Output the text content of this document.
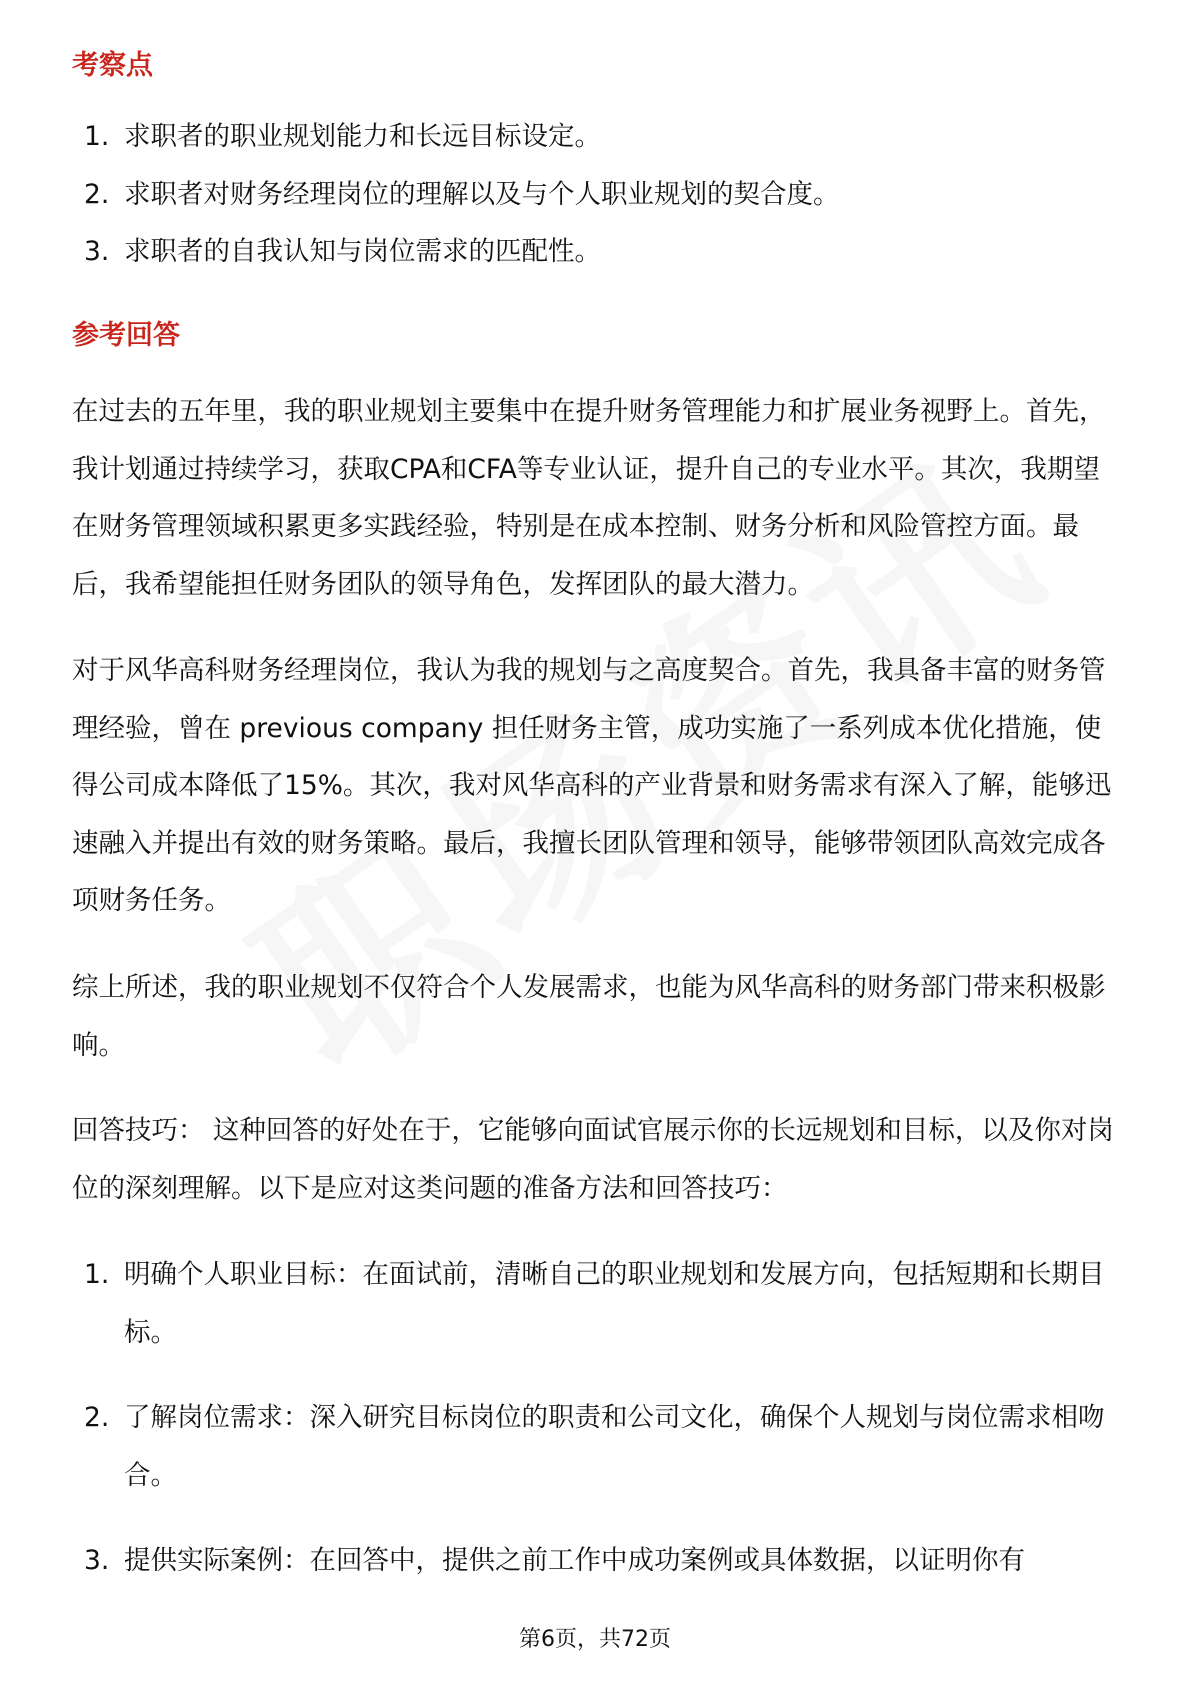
考察点
1. 求职者的职业规划能力和长远目标设定。
2. 求职者对财务经理岗位的理解以及与个人职业规划的契合度。
3. 求职者的自我认知与岗位需求的匹配性。
参考回答

在过去的五年里，我的职业规划主要集中在提升财务管理能力和扩展业务视野上。首先，我计划通过持续学习，获取CPA和CFA等专业认证，提升自己的专业水平。其次，我期望在财务管理领域积累更多实践经验，特别是在成本控制、财务分析和风险管控方面。最后，我希望能担任财务团队的领导角色，发挥团队的最大潜力。

对于风华高科财务经理岗位，我认为我的规划与之高度契合。首先，我具备丰富的财务管理经验，曾在 previous company 担任财务主管，成功实施了一系列成本优化措施，使得公司成本降低了15%。其次，我对风华高科的产业背景和财务需求有深入了解，能够迅速融入并提出有效的财务策略。最后，我擅长团队管理和领导，能够带领团队高效完成各项财务任务。

综上所述，我的职业规划不仅符合个人发展需求，也能为风华高科的财务部门带来积极影响。

回答技巧： 这种回答的好处在于，它能够向面试官展示你的长远规划和目标，以及你对岗位的深刻理解。以下是应对这类问题的准备方法和回答技巧：

1. 明确个人职业目标：在面试前，清晰自己的职业规划和发展方向，包括短期和长期目标。
2. 了解岗位需求：深入研究目标岗位的职责和公司文化，确保个人规划与岗位需求相吻合。
3. 提供实际案例：在回答中，提供之前工作中成功案例或具体数据，以证明你有
第6页，共72页
